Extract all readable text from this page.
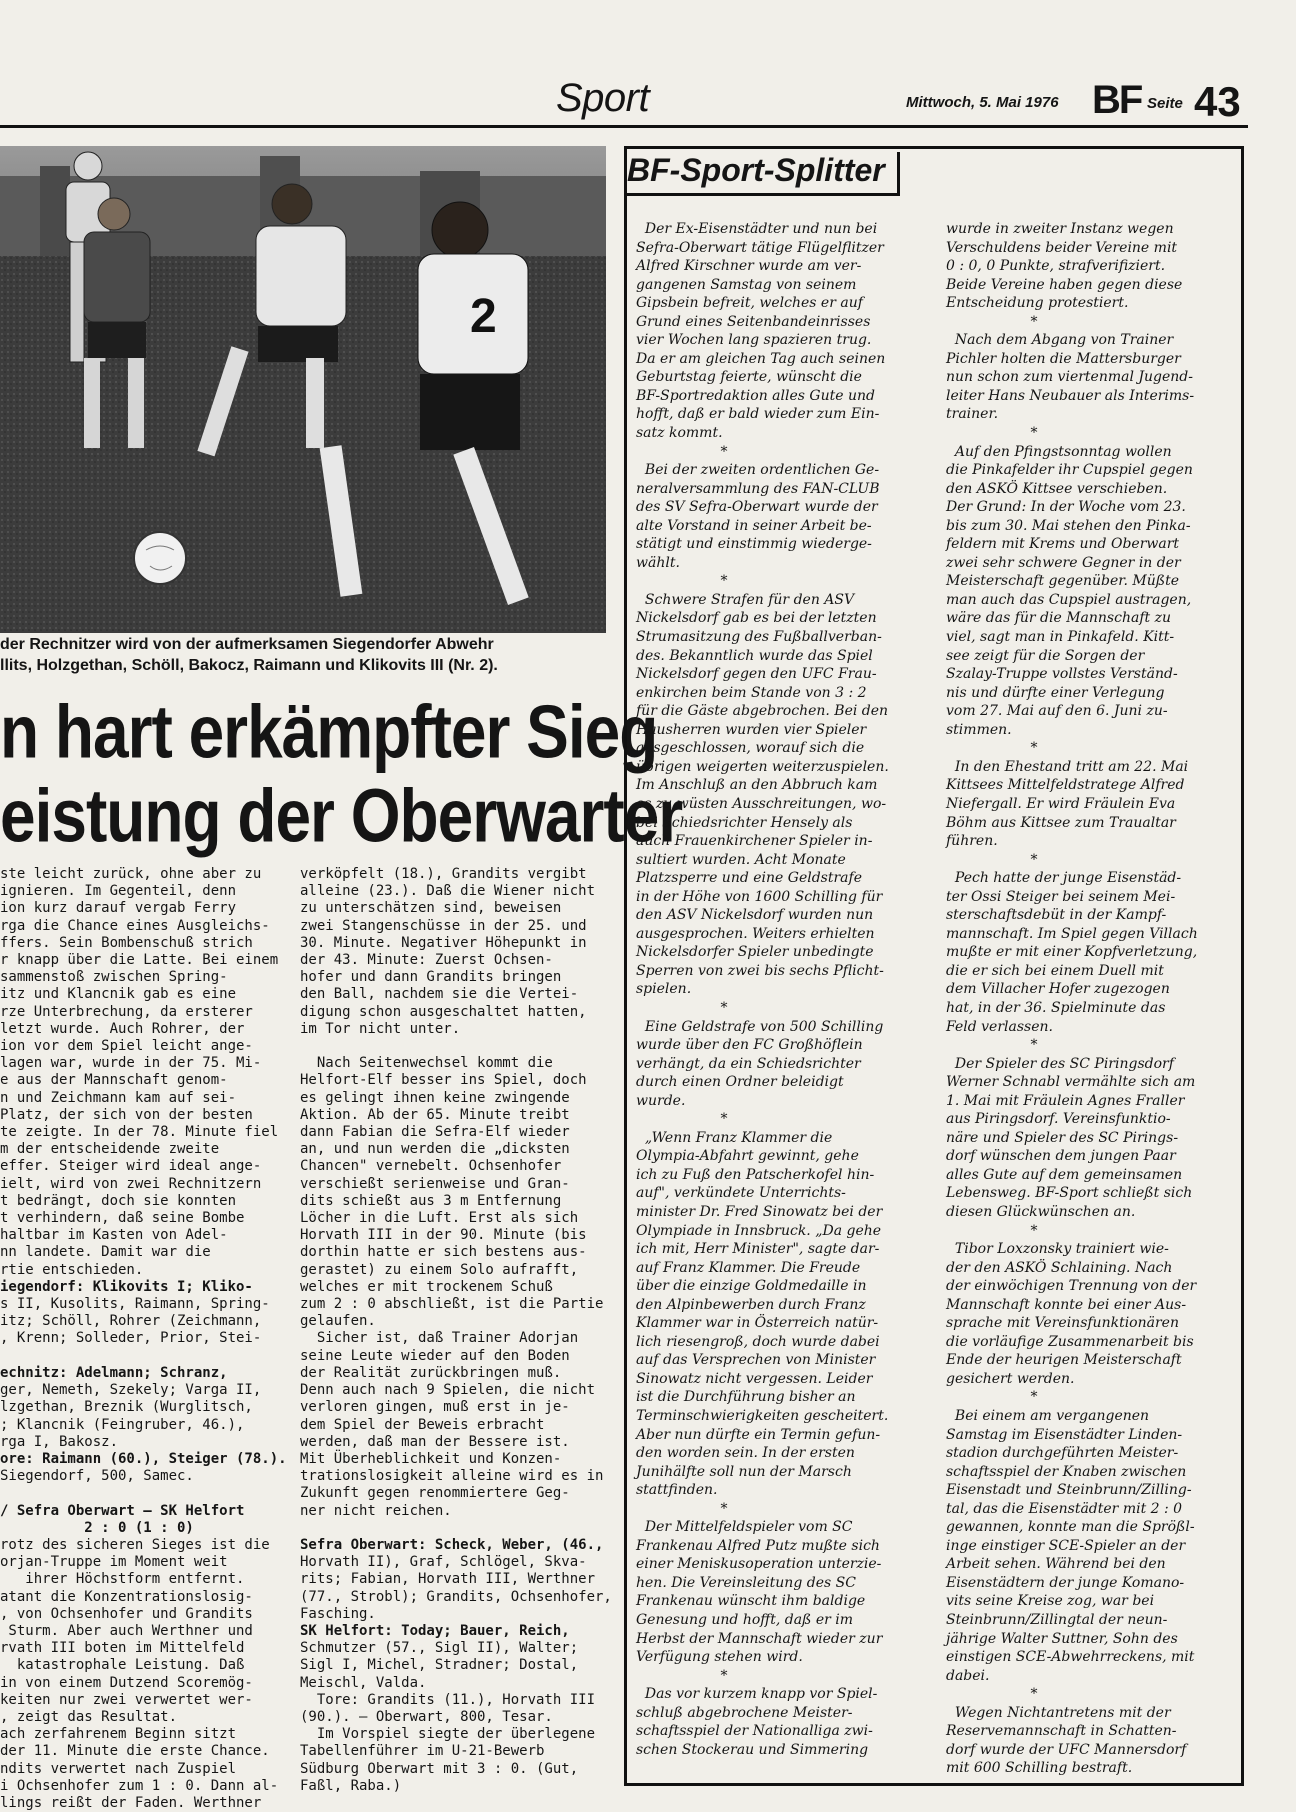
Sport	Mittwoch, 5. Mai 1976 BF Seite 43
2
der Rechnitzer wird von der aufmerksamen Siegendorfer Abwehr
llits, Holzgethan, Schöll, Bakocz, Raimann und Klikovits III (Nr. 2).
n hart erkämpfter Sieg
eistung der Oberwarter
ste leicht zurück, ohne aber zu
ignieren. Im Gegenteil, denn
ion kurz darauf vergab Ferry
rga die Chance eines Ausgleichs-
ffers. Sein Bombenschuß strich
r knapp über die Latte. Bei einem
sammenstoß zwischen Spring-
itz und Klancnik gab es eine
rze Unterbrechung, da ersterer
letzt wurde. Auch Rohrer, der
ion vor dem Spiel leicht ange-
lagen war, wurde in der 75. Mi-
e aus der Mannschaft genom-
n und Zeichmann kam auf sei-
Platz, der sich von der besten
te zeigte. In der 78. Minute fiel
m der entscheidende zweite
effer. Steiger wird ideal ange-
ielt, wird von zwei Rechnitzern
t bedrängt, doch sie konnten
t verhindern, daß seine Bombe
haltbar im Kasten von Adel-
nn landete. Damit war die
rtie entschieden.
iegendorf: Klikovits I; Kliko-
s II, Kusolits, Raimann, Spring-
itz; Schöll, Rohrer (Zeichmann,
, Krenn; Solleder, Prior, Stei-

echnitz: Adelmann; Schranz,
ger, Nemeth, Szekely; Varga II,
lzgethan, Breznik (Wurglitsch,
; Klancnik (Feingruber, 46.),
rga I, Bakosz.
ore: Raimann (60.), Steiger (78.).
Siegendorf, 500, Samec.

/ Sefra Oberwart — SK Helfort
2 : 0 (1 : 0)
rotz des sicheren Sieges ist die
orjan-Truppe im Moment weit
ihrer Höchstform entfernt.
atant die Konzentrationslosig-
, von Ochsenhofer und Grandits
Sturm. Aber auch Werthner und
rvath III boten im Mittelfeld
katastrophale Leistung. Daß
in von einem Dutzend Scoremög-
keiten nur zwei verwertet wer-
, zeigt das Resultat.
ach zerfahrenem Beginn sitzt
der 11. Minute die erste Chance.
ndits verwertet nach Zuspiel
i Ochsenhofer zum 1 : 0. Dann al-
lings reißt der Faden. Werthner
verköpfelt (18.), Grandits vergibt
alleine (23.). Daß die Wiener nicht
zu unterschätzen sind, beweisen
zwei Stangenschüsse in der 25. und
30. Minute. Negativer Höhepunkt in
der 43. Minute: Zuerst Ochsen-
hofer und dann Grandits bringen
den Ball, nachdem sie die Vertei-
digung schon ausgeschaltet hatten,
im Tor nicht unter.

Nach Seitenwechsel kommt die
Helfort-Elf besser ins Spiel, doch
es gelingt ihnen keine zwingende
Aktion. Ab der 65. Minute treibt
dann Fabian die Sefra-Elf wieder
an, und nun werden die „dicksten
Chancen" vernebelt. Ochsenhofer
verschießt serienweise und Gran-
dits schießt aus 3 m Entfernung
Löcher in die Luft. Erst als sich
Horvath III in der 90. Minute (bis
dorthin hatte er sich bestens aus-
gerastet) zu einem Solo aufrafft,
welches er mit trockenem Schuß
zum 2 : 0 abschließt, ist die Partie
gelaufen.
Sicher ist, daß Trainer Adorjan
seine Leute wieder auf den Boden
der Realität zurückbringen muß.
Denn auch nach 9 Spielen, die nicht
verloren gingen, muß erst in je-
dem Spiel der Beweis erbracht
werden, daß man der Bessere ist.
Mit Überheblichkeit und Konzen-
trationslosigkeit alleine wird es in
Zukunft gegen renommiertere Geg-
ner nicht reichen.

Sefra Oberwart: Scheck, Weber, (46.,
Horvath II), Graf, Schlögel, Skva-
rits; Fabian, Horvath III, Werthner
(77., Strobl); Grandits, Ochsenhofer,
Fasching.
SK Helfort: Today; Bauer, Reich,
Schmutzer (57., Sigl II), Walter;
Sigl I, Michel, Stradner; Dostal,
Meischl, Valda.
Tore: Grandits (11.), Horvath III
(90.). — Oberwart, 800, Tesar.
Im Vorspiel siegte der überlegene
Tabellenführer im U-21-Bewerb
Südburg Oberwart mit 3 : 0. (Gut,
Faßl, Raba.)
BF-Sport-Splitter
Der Ex-Eisenstädter und nun bei
Sefra-Oberwart tätige Flügelflitzer
Alfred Kirschner wurde am ver-
gangenen Samstag von seinem
Gipsbein befreit, welches er auf
Grund eines Seitenbandeinrisses
vier Wochen lang spazieren trug.
Da er am gleichen Tag auch seinen
Geburtstag feierte, wünscht die
BF-Sportredaktion alles Gute und
hofft, daß er bald wieder zum Ein-
satz kommt.
*
Bei der zweiten ordentlichen Ge-
neralversammlung des FAN-CLUB
des SV Sefra-Oberwart wurde der
alte Vorstand in seiner Arbeit be-
stätigt und einstimmig wiederge-
wählt.
*
Schwere Strafen für den ASV
Nickelsdorf gab es bei der letzten
Strumasitzung des Fußballverban-
des. Bekanntlich wurde das Spiel
Nickelsdorf gegen den UFC Frau-
enkirchen beim Stande von 3 : 2
für die Gäste abgebrochen. Bei den
Hausherren wurden vier Spieler
ausgeschlossen, worauf sich die
übrigen weigerten weiterzuspielen.
Im Anschluß an den Abbruch kam
es zu wüsten Ausschreitungen, wo-
bei Schiedsrichter Hensely als
auch Frauenkirchener Spieler in-
sultiert wurden. Acht Monate
Platzsperre und eine Geldstrafe
in der Höhe von 1600 Schilling für
den ASV Nickelsdorf wurden nun
ausgesprochen. Weiters erhielten
Nickelsdorfer Spieler unbedingte
Sperren von zwei bis sechs Pflicht-
spielen.
*
Eine Geldstrafe von 500 Schilling
wurde über den FC Großhöflein
verhängt, da ein Schiedsrichter
durch einen Ordner beleidigt
wurde.
*
„Wenn Franz Klammer die
Olympia-Abfahrt gewinnt, gehe
ich zu Fuß den Patscherkofel hin-
auf", verkündete Unterrichts-
minister Dr. Fred Sinowatz bei der
Olympiade in Innsbruck. „Da gehe
ich mit, Herr Minister", sagte dar-
auf Franz Klammer. Die Freude
über die einzige Goldmedaille in
den Alpinbewerben durch Franz
Klammer war in Österreich natür-
lich riesengroß, doch wurde dabei
auf das Versprechen von Minister
Sinowatz nicht vergessen. Leider
ist die Durchführung bisher an
Terminschwierigkeiten gescheitert.
Aber nun dürfte ein Termin gefun-
den worden sein. In der ersten
Junihälfte soll nun der Marsch
stattfinden.
*
Der Mittelfeldspieler vom SC
Frankenau Alfred Putz mußte sich
einer Meniskusoperation unterzie-
hen. Die Vereinsleitung des SC
Frankenau wünscht ihm baldige
Genesung und hofft, daß er im
Herbst der Mannschaft wieder zur
Verfügung stehen wird.
*
Das vor kurzem knapp vor Spiel-
schluß abgebrochene Meister-
schaftsspiel der Nationalliga zwi-
schen Stockerau und Simmering
wurde in zweiter Instanz wegen
Verschuldens beider Vereine mit
0 : 0, 0 Punkte, strafverifiziert.
Beide Vereine haben gegen diese
Entscheidung protestiert.
*
Nach dem Abgang von Trainer
Pichler holten die Mattersburger
nun schon zum viertenmal Jugend-
leiter Hans Neubauer als Interims-
trainer.
*
Auf den Pfingstsonntag wollen
die Pinkafelder ihr Cupspiel gegen
den ASKÖ Kittsee verschieben.
Der Grund: In der Woche vom 23.
bis zum 30. Mai stehen den Pinka-
feldern mit Krems und Oberwart
zwei sehr schwere Gegner in der
Meisterschaft gegenüber. Müßte
man auch das Cupspiel austragen,
wäre das für die Mannschaft zu
viel, sagt man in Pinkafeld. Kitt-
see zeigt für die Sorgen der
Szalay-Truppe vollstes Verständ-
nis und dürfte einer Verlegung
vom 27. Mai auf den 6. Juni zu-
stimmen.
*
In den Ehestand tritt am 22. Mai
Kittsees Mittelfeldstratege Alfred
Niefergall. Er wird Fräulein Eva
Böhm aus Kittsee zum Traualtar
führen.
*
Pech hatte der junge Eisenstäd-
ter Ossi Steiger bei seinem Mei-
sterschaftsdebüt in der Kampf-
mannschaft. Im Spiel gegen Villach
mußte er mit einer Kopfverletzung,
die er sich bei einem Duell mit
dem Villacher Hofer zugezogen
hat, in der 36. Spielminute das
Feld verlassen.
*
Der Spieler des SC Piringsdorf
Werner Schnabl vermählte sich am
1. Mai mit Fräulein Agnes Fraller
aus Piringsdorf. Vereinsfunktio-
näre und Spieler des SC Pirings-
dorf wünschen dem jungen Paar
alles Gute auf dem gemeinsamen
Lebensweg. BF-Sport schließt sich
diesen Glückwünschen an.
*
Tibor Loxzonsky trainiert wie-
der den ASKÖ Schlaining. Nach
der einwöchigen Trennung von der
Mannschaft konnte bei einer Aus-
sprache mit Vereinsfunktionären
die vorläufige Zusammenarbeit bis
Ende der heurigen Meisterschaft
gesichert werden.
*
Bei einem am vergangenen
Samstag im Eisenstädter Linden-
stadion durchgeführten Meister-
schaftsspiel der Knaben zwischen
Eisenstadt und Steinbrunn/Zilling-
tal, das die Eisenstädter mit 2 : 0
gewannen, konnte man die Sprößl-
inge einstiger SCE-Spieler an der
Arbeit sehen. Während bei den
Eisenstädtern der junge Komano-
vits seine Kreise zog, war bei
Steinbrunn/Zillingtal der neun-
jährige Walter Suttner, Sohn des
einstigen SCE-Abwehrreckens, mit
dabei.
*
Wegen Nichtantretens mit der
Reservemannschaft in Schatten-
dorf wurde der UFC Mannersdorf
mit 600 Schilling bestraft.
